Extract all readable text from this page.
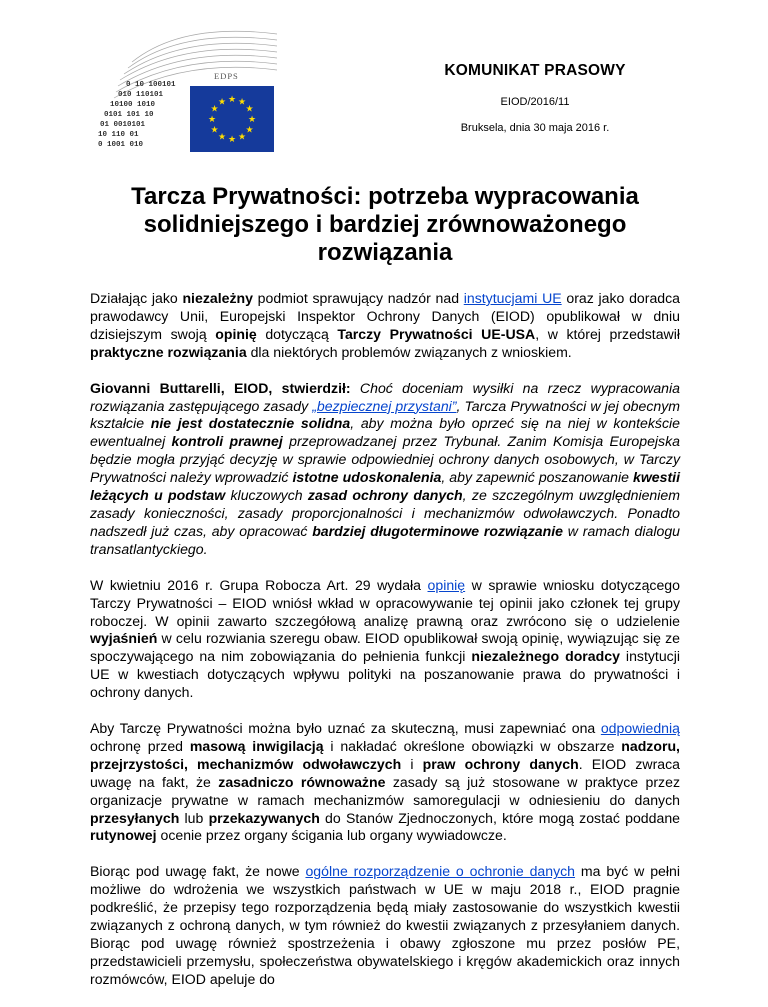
EDPS
0 10 100101
010 110101
10100 1010
0101 101 10
01 0010101
10 110 01
0 1001 010
★ ★
★
★
★
★
★
★
★
★
★
★
KOMUNIKAT PRASOWY
EIOD/2016/11
Bruksela, dnia 30 maja 2016 r.
Tarcza Prywatności: potrzeba wypracowania solidniejszego i bardziej zrównoważonego rozwiązania

Działając jako niezależny podmiot sprawujący nadzór nad instytucjami UE oraz jako doradca prawodawcy Unii, Europejski Inspektor Ochrony Danych (EIOD) opublikował w dniu dzisiejszym swoją opinię dotyczącą Tarczy Prywatności UE-USA, w której przedstawił praktyczne rozwiązania dla niektórych problemów związanych z wnioskiem.

Giovanni Buttarelli, EIOD, stwierdził: Choć doceniam wysiłki na rzecz wypracowania rozwiązania zastępującego zasady „bezpiecznej przystani”, Tarcza Prywatności w jej obecnym kształcie nie jest dostatecznie solidna, aby można było oprzeć się na niej w kontekście ewentualnej kontroli prawnej przeprowadzanej przez Trybunał. Zanim Komisja Europejska będzie mogła przyjąć decyzję w sprawie odpowiedniej ochrony danych osobowych, w Tarczy Prywatności należy wprowadzić istotne udoskonalenia, aby zapewnić poszanowanie kwestii leżących u podstaw kluczowych zasad ochrony danych, ze szczególnym uwzględnieniem zasady konieczności, zasady proporcjonalności i mechanizmów odwoławczych. Ponadto nadszedł już czas, aby opracować bardziej długoterminowe rozwiązanie w ramach dialogu transatlantyckiego.

W kwietniu 2016 r. Grupa Robocza Art. 29 wydała opinię w sprawie wniosku dotyczącego Tarczy Prywatności – EIOD wniósł wkład w opracowywanie tej opinii jako członek tej grupy roboczej. W opinii zawarto szczegółową analizę prawną oraz zwrócono się o udzielenie wyjaśnień w celu rozwiania szeregu obaw. EIOD opublikował swoją opinię, wywiązując się ze spoczywającego na nim zobowiązania do pełnienia funkcji niezależnego doradcy instytucji UE w kwestiach dotyczących wpływu polityki na poszanowanie prawa do prywatności i ochrony danych.

Aby Tarczę Prywatności można było uznać za skuteczną, musi zapewniać ona odpowiednią ochronę przed masową inwigilacją i nakładać określone obowiązki w obszarze nadzoru, przejrzystości, mechanizmów odwoławczych i praw ochrony danych. EIOD zwraca uwagę na fakt, że zasadniczo równoważne zasady są już stosowane w praktyce przez organizacje prywatne w ramach mechanizmów samoregulacji w odniesieniu do danych przesyłanych lub przekazywanych do Stanów Zjednoczonych, które mogą zostać poddane rutynowej ocenie przez organy ścigania lub organy wywiadowcze.

Biorąc pod uwagę fakt, że nowe ogólne rozporządzenie o ochronie danych ma być w pełni możliwe do wdrożenia we wszystkich państwach w UE w maju 2018 r., EIOD pragnie podkreślić, że przepisy tego rozporządzenia będą miały zastosowanie do wszystkich kwestii związanych z ochroną danych, w tym również do kwestii związanych z przesyłaniem danych. Biorąc pod uwagę również spostrzeżenia i obawy zgłoszone mu przez posłów PE, przedstawicieli przemysłu, społeczeństwa obywatelskiego i kręgów akademickich oraz innych rozmówców, EIOD apeluje do
